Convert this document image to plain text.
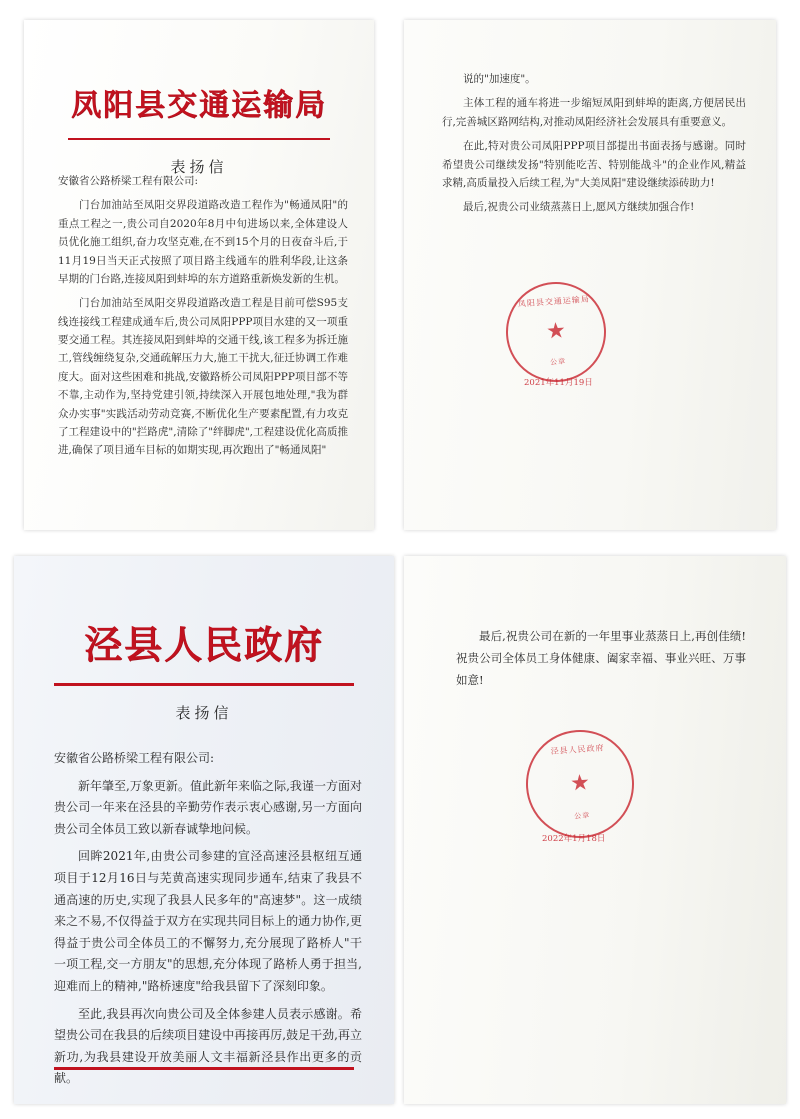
凤阳县交通运输局
表扬信

安徽省公路桥梁工程有限公司:

门台加油站至凤阳交界段道路改造工程作为"畅通凤阳"的重点工程之一,贵公司自2020年8月中旬进场以来,全体建设人员优化施工组织,奋力攻坚克难,在不到15个月的日夜奋斗后,于11月19日当天正式按照了项目路主线通车的胜利华段,让这条早期的门台路,连接凤阳到蚌埠的东方道路重新焕发新的生机。

门台加油站至凤阳交界段道路改造工程是目前可偿S95支线连接线工程建成通车后,贵公司凤阳PPP项目水建的又一项重要交通工程。其连接凤阳到蚌埠的交通干线,该工程多为拆迁施工,管线缠绕复杂,交通疏解压力大,施工干扰大,征迁协调工作难度大。面对这些困难和挑战,安徽路桥公司凤阳PPP项目部不等不靠,主动作为,坚持党建引领,持续深入开展包地处理,"我为群众办实事"实践活动劳动竞赛,不断优化生产要素配置,有力攻克了工程建设中的"拦路虎",清除了"绊脚虎",工程建设优化高质推进,确保了项目通车目标的如期实现,再次跑出了"畅通凤阳"

说的"加速度"。

主体工程的通车将进一步缩短凤阳到蚌埠的距离,方便居民出行,完善城区路网结构,对推动凤阳经济社会发展具有重要意义。

在此,特对贵公司凤阳PPP项目部提出书面表扬与感谢。同时希望贵公司继续发扬"特别能吃苦、特别能战斗"的企业作风,精益求精,高质量投入后续工程,为"大美凤阳"建设继续添砖助力!

最后,祝贵公司业绩蒸蒸日上,愿风方继续加强合作!

凤阳县交通运输局
★
公章
2021年11月19日
泾县人民政府
表扬信

安徽省公路桥梁工程有限公司:

新年肇至,万象更新。值此新年来临之际,我谨一方面对贵公司一年来在泾县的辛勤劳作表示衷心感谢,另一方面向贵公司全体员工致以新春诚挚地问候。

回眸2021年,由贵公司参建的宣泾高速泾县枢纽互通项目于12月16日与芜黄高速实现同步通车,结束了我县不通高速的历史,实现了我县人民多年的"高速梦"。这一成绩来之不易,不仅得益于双方在实现共同目标上的通力协作,更得益于贵公司全体员工的不懈努力,充分展现了路桥人"干一项工程,交一方朋友"的思想,充分体现了路桥人勇于担当,迎难而上的精神,"路桥速度"给我县留下了深刻印象。

至此,我县再次向贵公司及全体参建人员表示感谢。希望贵公司在我县的后续项目建设中再接再厉,鼓足干劲,再立新功,为我县建设开放美丽人文丰福新泾县作出更多的贡献。

最后,祝贵公司在新的一年里事业蒸蒸日上,再创佳绩!祝贵公司全体员工身体健康、阖家幸福、事业兴旺、万事如意!

泾县人民政府
★
公章
2022年1月18日
